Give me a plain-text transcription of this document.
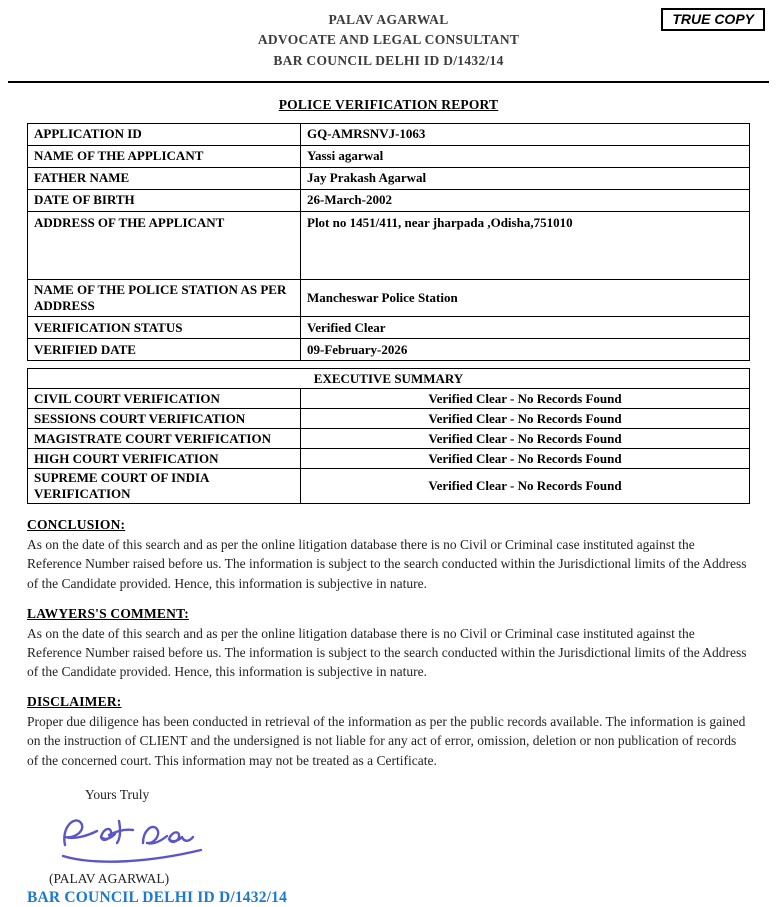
TRUE COPY
PALAV AGARWAL
ADVOCATE AND LEGAL CONSULTANT
BAR COUNCIL DELHI ID D/1432/14
POLICE VERIFICATION REPORT
APPLICATION ID	GQ-AMRSNVJ-1063
NAME OF THE APPLICANT	Yassi agarwal
FATHER NAME	Jay Prakash Agarwal
DATE OF BIRTH	26-March-2002
ADDRESS OF THE APPLICANT	Plot no 1451/411, near jharpada ,Odisha,751010
NAME OF THE POLICE STATION AS PER ADDRESS	Mancheswar Police Station
VERIFICATION STATUS	Verified Clear
VERIFIED DATE	09-February-2026
EXECUTIVE SUMMARY	
CIVIL COURT VERIFICATION	Verified Clear - No Records Found
SESSIONS COURT VERIFICATION	Verified Clear - No Records Found
MAGISTRATE COURT VERIFICATION	Verified Clear - No Records Found
HIGH COURT VERIFICATION	Verified Clear - No Records Found
SUPREME COURT OF INDIA VERIFICATION	Verified Clear - No Records Found
CONCLUSION:

As on the date of this search and as per the online litigation database there is no Civil or Criminal case instituted against the Reference Number raised before us. The information is subject to the search conducted within the Jurisdictional limits of the Address of the Candidate provided. Hence, this information is subjective in nature.

LAWYERS'S COMMENT:

As on the date of this search and as per the online litigation database there is no Civil or Criminal case instituted against the Reference Number raised before us. The information is subject to the search conducted within the Jurisdictional limits of the Address of the Candidate provided. Hence, this information is subjective in nature.

DISCLAIMER:

Proper due diligence has been conducted in retrieval of the information as per the public records available. The information is gained on the instruction of CLIENT and the undersigned is not liable for any act of error, omission, deletion or non publication of records of the concerned court. This information may not be treated as a Certificate.

Yours Truly
(PALAV AGARWAL)
BAR COUNCIL DELHI ID D/1432/14
